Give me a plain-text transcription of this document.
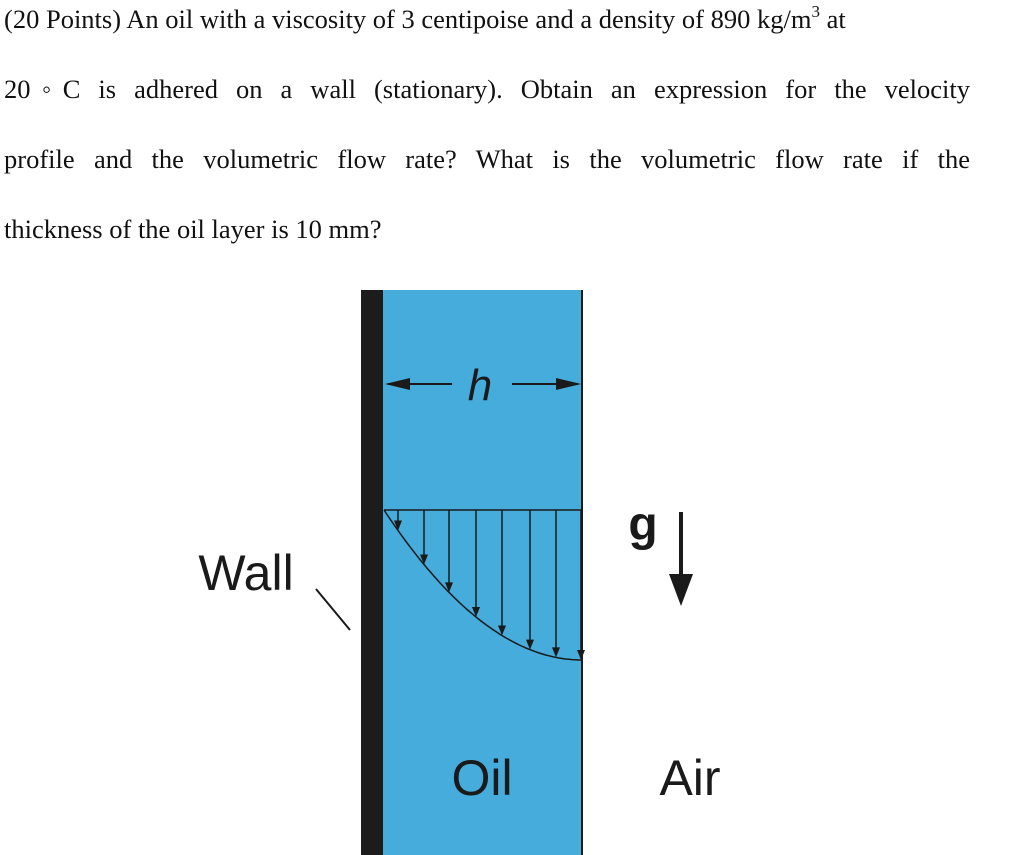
(20 Points) An oil with a viscosity of 3 centipoise and a density of 890 $kg/m^3$ at
20◦C is adhered on a wall (stationary). Obtain an expression for the velocity
profile and the volumetric flow rate? What is the volumetric flow rate if the
thickness of the oil layer is 10 mm?
h
g
Wall
Oil	Air
